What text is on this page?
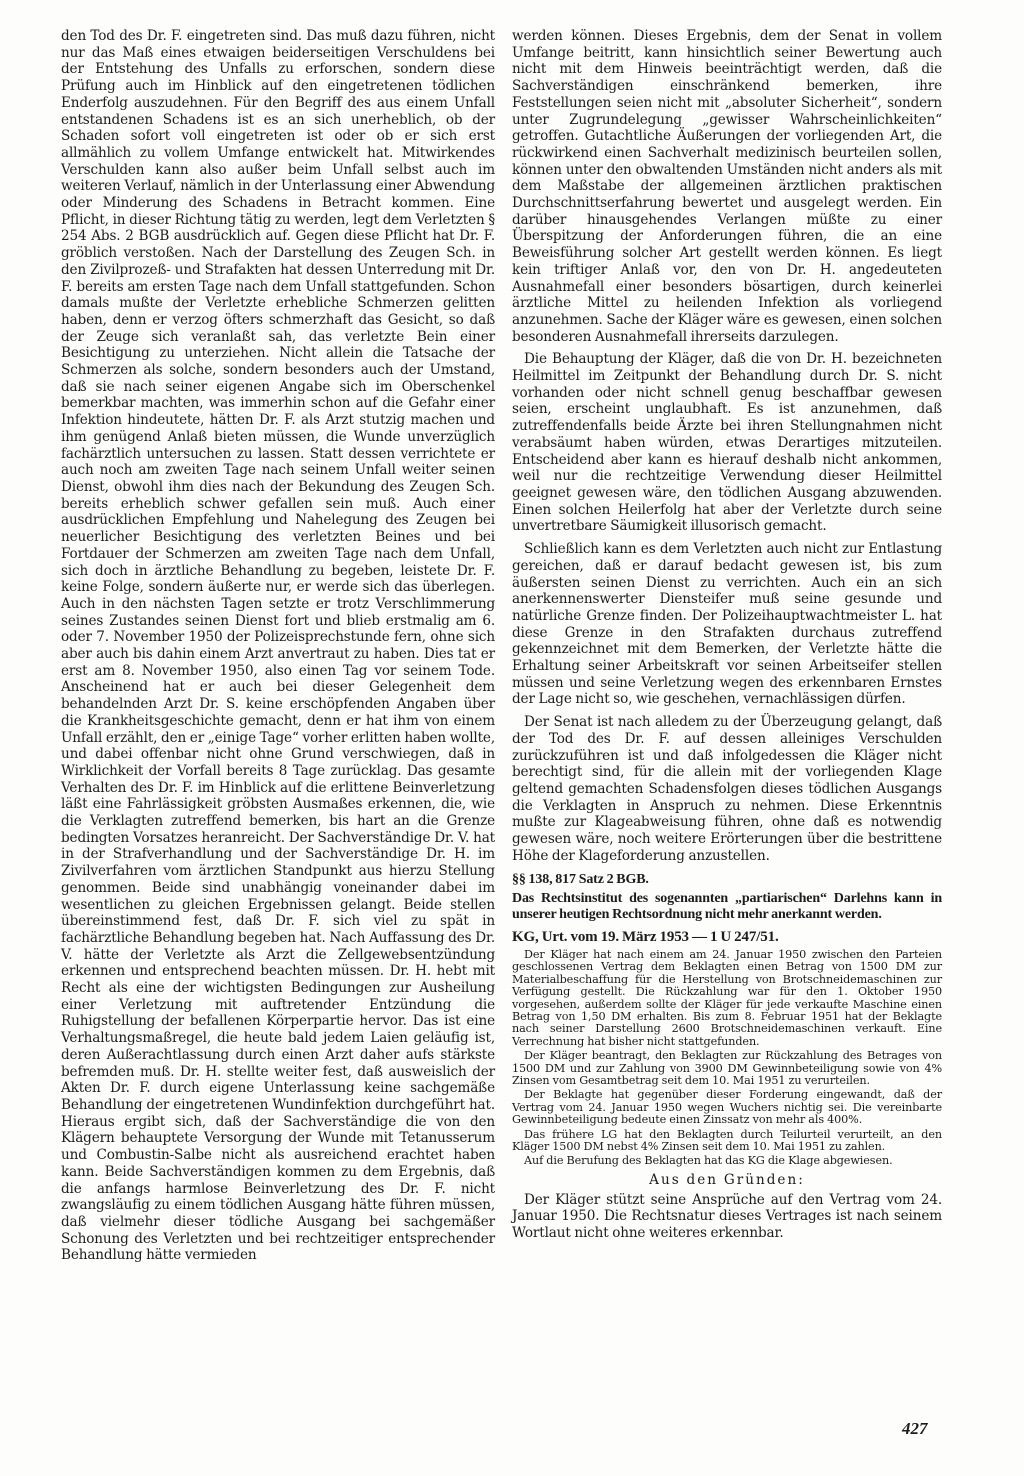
den Tod des Dr. F. eingetreten sind. Das muß dazu führen, nicht nur das Maß eines etwaigen beiderseitigen Verschuldens bei der Entstehung des Unfalls zu erforschen, sondern diese Prüfung auch im Hinblick auf den eingetretenen tödlichen Enderfolg auszudehnen. Für den Begriff des aus einem Unfall entstandenen Schadens ist es an sich unerheblich, ob der Schaden sofort voll eingetreten ist oder ob er sich erst allmählich zu vollem Umfange entwickelt hat. Mitwirkendes Verschulden kann also außer beim Unfall selbst auch im weiteren Verlauf, nämlich in der Unterlassung einer Abwendung oder Minderung des Schadens in Betracht kommen. Eine Pflicht, in dieser Richtung tätig zu werden, legt dem Verletzten § 254 Abs. 2 BGB ausdrücklich auf. Gegen diese Pflicht hat Dr. F. gröblich verstoßen. Nach der Darstellung des Zeugen Sch. in den Zivilprozeß- und Strafakten hat dessen Unterredung mit Dr. F. bereits am ersten Tage nach dem Unfall stattgefunden. Schon damals mußte der Verletzte erhebliche Schmerzen gelitten haben, denn er verzog öfters schmerzhaft das Gesicht, so daß der Zeuge sich veranlaßt sah, das verletzte Bein einer Besichtigung zu unterziehen. Nicht allein die Tatsache der Schmerzen als solche, sondern besonders auch der Umstand, daß sie nach seiner eigenen Angabe sich im Oberschenkel bemerkbar machten, was immerhin schon auf die Gefahr einer Infektion hindeutete, hätten Dr. F. als Arzt stutzig machen und ihm genügend Anlaß bieten müssen, die Wunde unverzüglich fachärztlich untersuchen zu lassen. Statt dessen verrichtete er auch noch am zweiten Tage nach seinem Unfall weiter seinen Dienst, obwohl ihm dies nach der Bekundung des Zeugen Sch. bereits erheblich schwer gefallen sein muß. Auch einer ausdrücklichen Empfehlung und Nahelegung des Zeugen bei neuerlicher Besichtigung des verletzten Beines und bei Fortdauer der Schmerzen am zweiten Tage nach dem Unfall, sich doch in ärztliche Behandlung zu begeben, leistete Dr. F. keine Folge, sondern äußerte nur, er werde sich das überlegen. Auch in den nächsten Tagen setzte er trotz Verschlimmerung seines Zustandes seinen Dienst fort und blieb erstmalig am 6. oder 7. November 1950 der Polizeisprechstunde fern, ohne sich aber auch bis dahin einem Arzt anvertraut zu haben. Dies tat er erst am 8. November 1950, also einen Tag vor seinem Tode. Anscheinend hat er auch bei dieser Gelegenheit dem behandelnden Arzt Dr. S. keine erschöpfenden Angaben über die Krankheitsgeschichte gemacht, denn er hat ihm von einem Unfall erzählt, den er „einige Tage“ vorher erlitten haben wollte, und dabei offenbar nicht ohne Grund verschwiegen, daß in Wirklichkeit der Vorfall bereits 8 Tage zurücklag. Das gesamte Verhalten des Dr. F. im Hinblick auf die erlittene Beinverletzung läßt eine Fahrlässigkeit gröbsten Ausmaßes erkennen, die, wie die Verklagten zutreffend bemerken, bis hart an die Grenze bedingten Vorsatzes heranreicht. Der Sachverständige Dr. V. hat in der Strafverhandlung und der Sachverständige Dr. H. im Zivilverfahren vom ärztlichen Standpunkt aus hierzu Stellung genommen. Beide sind unabhängig voneinander dabei im wesentlichen zu gleichen Ergebnissen gelangt. Beide stellen übereinstimmend fest, daß Dr. F. sich viel zu spät in fachärztliche Behandlung begeben hat. Nach Auffassung des Dr. V. hätte der Verletzte als Arzt die Zellgewebsentzündung erkennen und entsprechend beachten müssen. Dr. H. hebt mit Recht als eine der wichtigsten Bedingungen zur Ausheilung einer Verletzung mit auftretender Entzündung die Ruhigstellung der befallenen Körperpartie hervor. Das ist eine Verhaltungsmaßregel, die heute bald jedem Laien geläufig ist, deren Außerachtlassung durch einen Arzt daher aufs stärkste befremden muß. Dr. H. stellte weiter fest, daß ausweislich der Akten Dr. F. durch eigene Unterlassung keine sachgemäße Behandlung der eingetretenen Wundinfektion durchgeführt hat. Hieraus ergibt sich, daß der Sachverständige die von den Klägern behauptete Versorgung der Wunde mit Tetanusserum und Combustin-Salbe nicht als ausreichend erachtet haben kann. Beide Sachverständigen kommen zu dem Ergebnis, daß die anfangs harmlose Beinverletzung des Dr. F. nicht zwangsläufig zu einem tödlichen Ausgang hätte führen müssen, daß vielmehr dieser tödliche Ausgang bei sachgemäßer Schonung des Verletzten und bei rechtzeitiger entsprechender Behandlung hätte vermieden

werden können. Dieses Ergebnis, dem der Senat in vollem Umfange beitritt, kann hinsichtlich seiner Bewertung auch nicht mit dem Hinweis beeinträchtigt werden, daß die Sachverständigen einschränkend bemerken, ihre Feststellungen seien nicht mit „absoluter Sicherheit“, sondern unter Zugrundelegung „gewisser Wahrscheinlichkeiten“ getroffen. Gutachtliche Äußerungen der vorliegenden Art, die rückwirkend einen Sachverhalt medizinisch beurteilen sollen, können unter den obwaltenden Umständen nicht anders als mit dem Maßstabe der allgemeinen ärztlichen praktischen Durchschnittserfahrung bewertet und ausgelegt werden. Ein darüber hinausgehendes Verlangen müßte zu einer Überspitzung der Anforderungen führen, die an eine Beweisführung solcher Art gestellt werden können. Es liegt kein triftiger Anlaß vor, den von Dr. H. angedeuteten Ausnahmefall einer besonders bösartigen, durch keinerlei ärztliche Mittel zu heilenden Infektion als vorliegend anzunehmen. Sache der Kläger wäre es gewesen, einen solchen besonderen Ausnahmefall ihrerseits darzulegen.

Die Behauptung der Kläger, daß die von Dr. H. bezeichneten Heilmittel im Zeitpunkt der Behandlung durch Dr. S. nicht vorhanden oder nicht schnell genug beschaffbar gewesen seien, erscheint unglaubhaft. Es ist anzunehmen, daß zutreffendenfalls beide Ärzte bei ihren Stellungnahmen nicht verabsäumt haben würden, etwas Derartiges mitzuteilen. Entscheidend aber kann es hierauf deshalb nicht ankommen, weil nur die rechtzeitige Verwendung dieser Heilmittel geeignet gewesen wäre, den tödlichen Ausgang abzuwenden. Einen solchen Heilerfolg hat aber der Verletzte durch seine unvertretbare Säumigkeit illusorisch gemacht.

Schließlich kann es dem Verletzten auch nicht zur Entlastung gereichen, daß er darauf bedacht gewesen ist, bis zum äußersten seinen Dienst zu verrichten. Auch ein an sich anerkennenswerter Diensteifer muß seine gesunde und natürliche Grenze finden. Der Polizeihauptwachtmeister L. hat diese Grenze in den Strafakten durchaus zutreffend gekennzeichnet mit dem Bemerken, der Verletzte hätte die Erhaltung seiner Arbeitskraft vor seinen Arbeitseifer stellen müssen und seine Verletzung wegen des erkennbaren Ernstes der Lage nicht so, wie geschehen, vernachlässigen dürfen.

Der Senat ist nach alledem zu der Überzeugung gelangt, daß der Tod des Dr. F. auf dessen alleiniges Verschulden zurückzuführen ist und daß infolgedessen die Kläger nicht berechtigt sind, für die allein mit der vorliegenden Klage geltend gemachten Schadensfolgen dieses tödlichen Ausgangs die Verklagten in Anspruch zu nehmen. Diese Erkenntnis mußte zur Klageabweisung führen, ohne daß es notwendig gewesen wäre, noch weitere Erörterungen über die bestrittene Höhe der Klageforderung anzustellen.

§§ 138, 817 Satz 2 BGB.

Das Rechtsinstitut des sogenannten „partiarischen“ Darlehns kann in unserer heutigen Rechtsordnung nicht mehr anerkannt werden.

KG, Urt. vom 19. März 1953 — 1 U 247/51.

Der Kläger hat nach einem am 24. Januar 1950 zwischen den Parteien geschlossenen Vertrag dem Beklagten einen Betrag von 1500 DM zur Materialbeschaffung für die Herstellung von Brotschneidemaschinen zur Verfügung gestellt. Die Rückzahlung war für den 1. Oktober 1950 vorgesehen, außerdem sollte der Kläger für jede verkaufte Maschine einen Betrag von 1,50 DM erhalten. Bis zum 8. Februar 1951 hat der Beklagte nach seiner Darstellung 2600 Brotschneidemaschinen verkauft. Eine Verrechnung hat bisher nicht stattgefunden.

Der Kläger beantragt, den Beklagten zur Rückzahlung des Betrages von 1500 DM und zur Zahlung von 3900 DM Gewinnbeteiligung sowie von 4% Zinsen vom Gesamtbetrag seit dem 10. Mai 1951 zu verurteilen.

Der Beklagte hat gegenüber dieser Forderung eingewandt, daß der Vertrag vom 24. Januar 1950 wegen Wuchers nichtig sei. Die vereinbarte Gewinnbeteiligung bedeute einen Zinssatz von mehr als 400%.

Das frühere LG hat den Beklagten durch Teilurteil verurteilt, an den Kläger 1500 DM nebst 4% Zinsen seit dem 10. Mai 1951 zu zahlen.

Auf die Berufung des Beklagten hat das KG die Klage abgewiesen.

Aus den Gründen:

Der Kläger stützt seine Ansprüche auf den Vertrag vom 24. Januar 1950. Die Rechtsnatur dieses Vertrages ist nach seinem Wortlaut nicht ohne weiteres erkennbar.

427
